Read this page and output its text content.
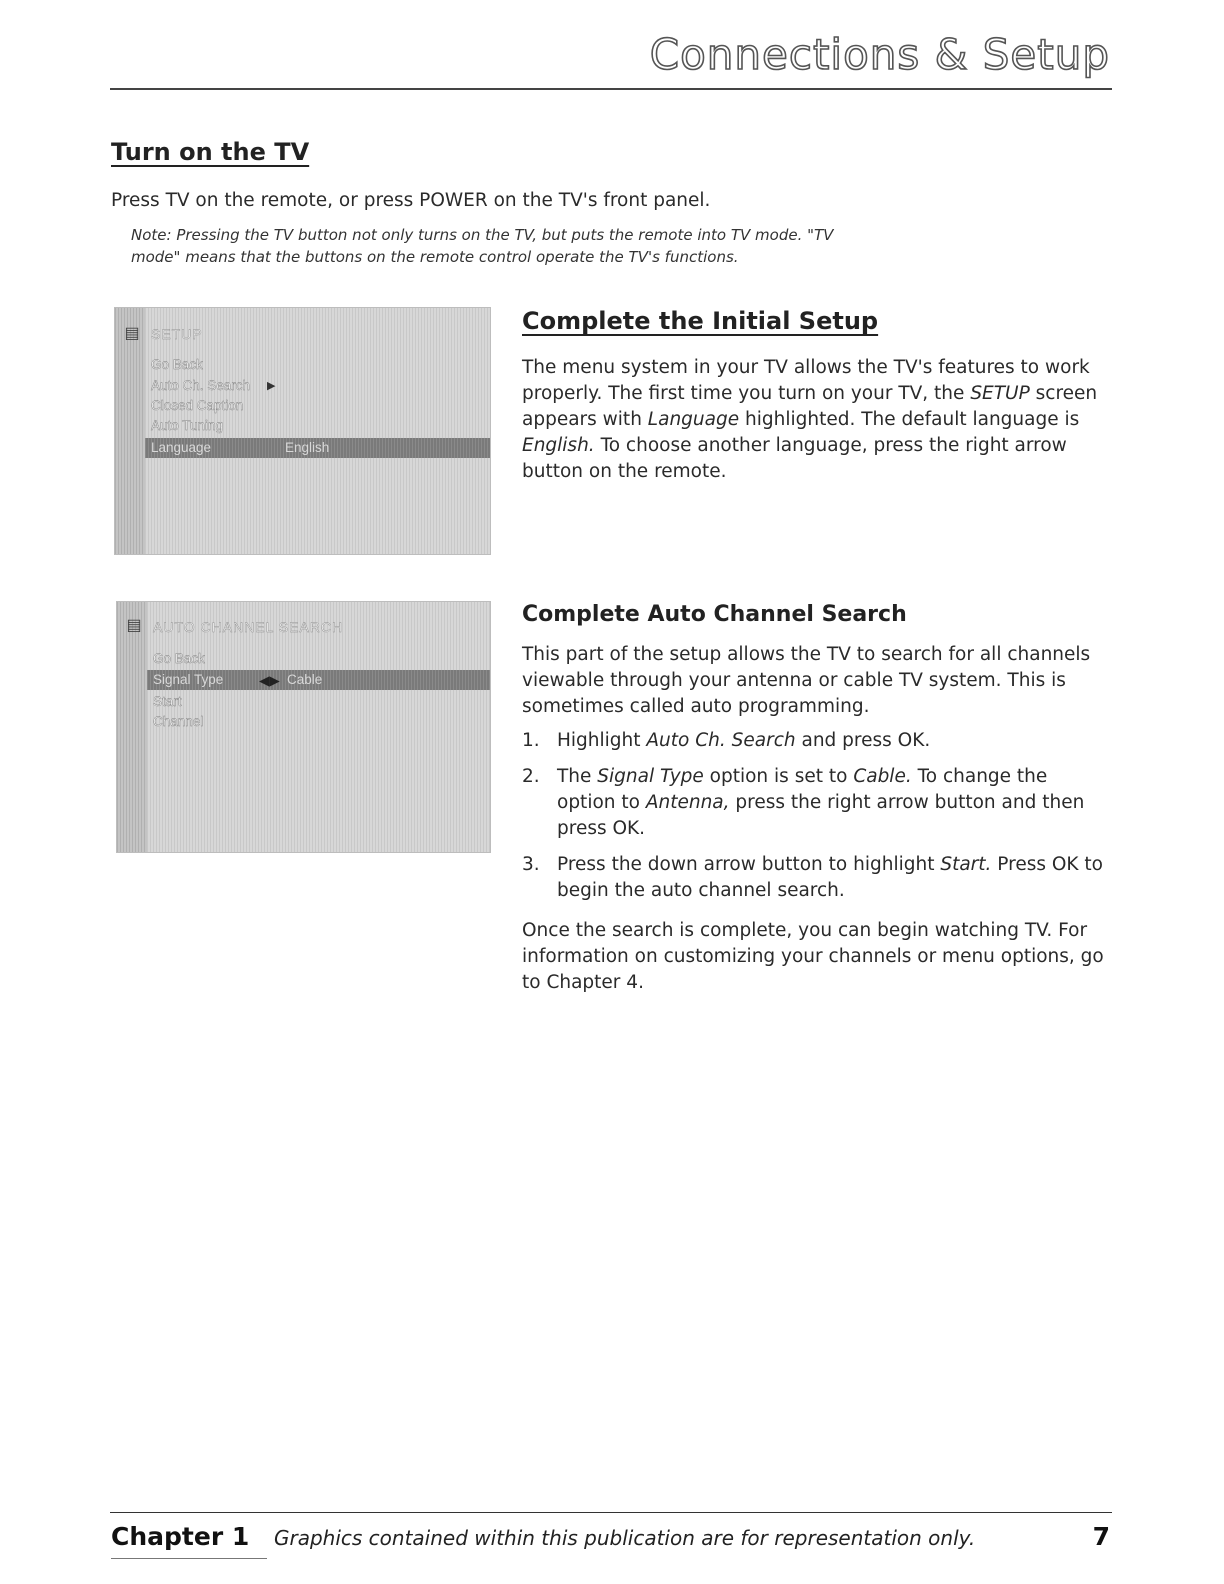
Connections & Setup
Turn on the TV

Press TV on the remote, or press POWER on the TV's front panel.

Note: Pressing the TV button not only turns on the TV, but puts the remote into TV mode. "TV
mode" means that the buttons on the remote control operate the TV's functions.

▤ SETUP
Go Back
Auto Ch. Search ▶
Closed Caption
Auto Tuning
Language	English
Complete the Initial Setup

The menu system in your TV allows the TV's features to work properly. The first time you turn on your TV, the SETUP screen appears with Language highlighted. The default language is English. To choose another language, press the right arrow button on the remote.

▤ AUTO CHANNEL SEARCH
Go Back
Signal Type	◀▶ Cable
Start
Channel
Complete Auto Channel Search

This part of the setup allows the TV to search for all channels viewable through your antenna or cable TV system. This is sometimes called auto programming.

1. Highlight Auto Ch. Search and press OK.
2. The Signal Type option is set to Cable. To change the option to Antenna, press the right arrow button and then press OK.
3. Press the down arrow button to highlight Start. Press OK to begin the auto channel search.

Once the search is complete, you can begin watching TV. For information on customizing your channels or menu options, go to Chapter 4.

Chapter 1 Graphics contained within this publication are for representation only.	7
